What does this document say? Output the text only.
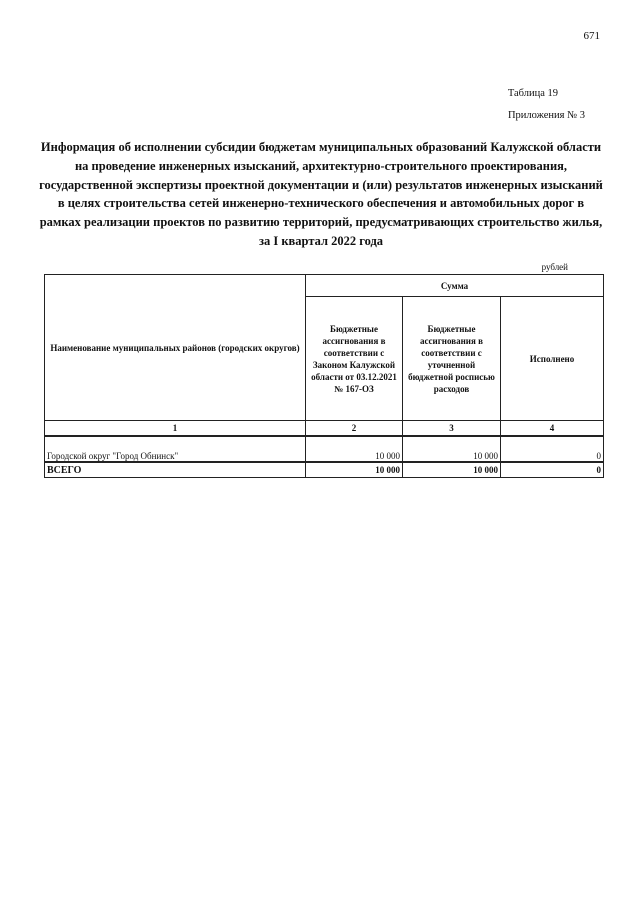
671
Таблица 19
Приложения № 3
Информация об исполнении субсидии бюджетам муниципальных образований Калужской области на проведение инженерных изысканий, архитектурно-строительного проектирования, государственной экспертизы проектной документации и (или) результатов инженерных изысканий в целях строительства сетей инженерно-технического обеспечения и автомобильных дорог в рамках реализации проектов по развитию территорий, предусматривающих строительство жилья, за I квартал 2022 года
рублей
Наименование муниципальных районов (городских округов)	Сумма		
	Бюджетные ассигнования в соответствии с Законом Калужской области от 03.12.2021 № 167-ОЗ	Бюджетные ассигнования в соответствии с уточненной бюджетной росписью расходов	Исполнено
1	2	3	4
Городской округ "Город Обнинск"	10 000	10 000	0
ВСЕГО	10 000	10 000	0
